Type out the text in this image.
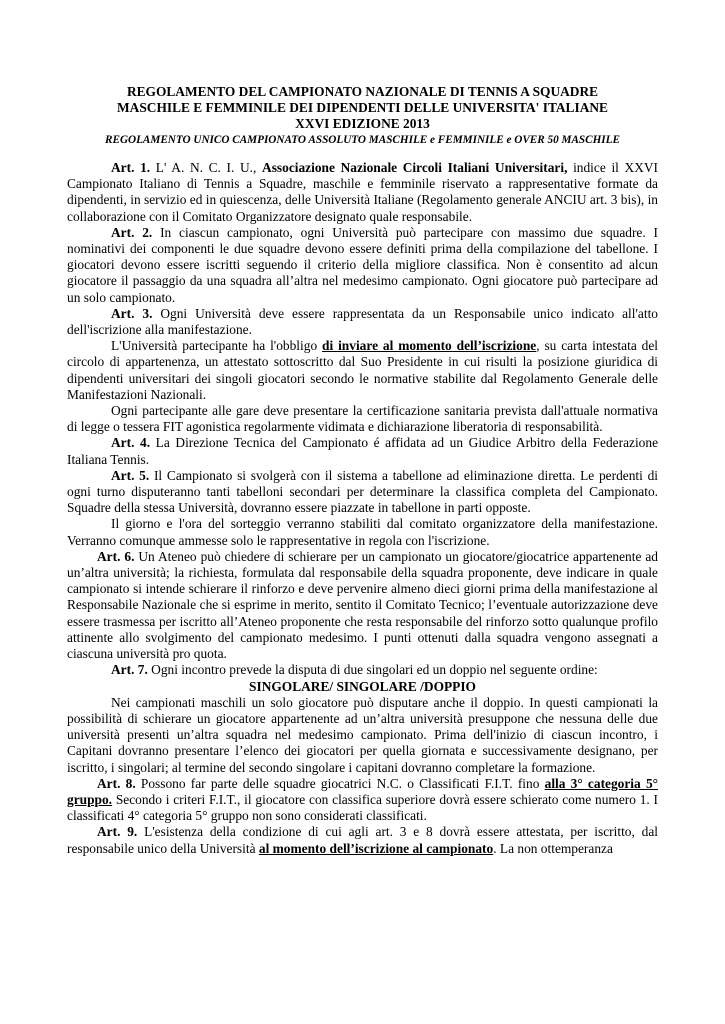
REGOLAMENTO DEL CAMPIONATO NAZIONALE DI TENNIS A SQUADRE
MASCHILE E FEMMINILE DEI DIPENDENTI DELLE UNIVERSITA' ITALIANE
XXVI EDIZIONE 2013
REGOLAMENTO UNICO CAMPIONATO ASSOLUTO MASCHILE e FEMMINILE e OVER 50 MASCHILE

Art. 1. L' A. N. C. I. U., Associazione Nazionale Circoli Italiani Universitari, indice il XXVI Campionato Italiano di Tennis a Squadre, maschile e femminile riservato a rappresentative formate da dipendenti, in servizio ed in quiescenza, delle Università Italiane (Regolamento generale ANCIU art. 3 bis), in collaborazione con il Comitato Organizzatore designato quale responsabile.

Art. 2. In ciascun campionato, ogni Università può partecipare con massimo due squadre. I nominativi dei componenti le due squadre devono essere definiti prima della compilazione del tabellone. I giocatori devono essere iscritti seguendo il criterio della migliore classifica. Non è consentito ad alcun giocatore il passaggio da una squadra all’altra nel medesimo campionato. Ogni giocatore può partecipare ad un solo campionato.

Art. 3. Ogni Università deve essere rappresentata da un Responsabile unico indicato all'atto dell'iscrizione alla manifestazione.

L'Università partecipante ha l'obbligo di inviare al momento dell’iscrizione, su carta intestata del circolo di appartenenza, un attestato sottoscritto dal Suo Presidente in cui risulti la posizione giuridica di dipendenti universitari dei singoli giocatori secondo le normative stabilite dal Regolamento Generale delle Manifestazioni Nazionali.

Ogni partecipante alle gare deve presentare la certificazione sanitaria prevista dall'attuale normativa di legge o tessera FIT agonistica regolarmente vidimata e dichiarazione liberatoria di responsabilità.

Art. 4. La Direzione Tecnica del Campionato é affidata ad un Giudice Arbitro della Federazione Italiana Tennis.

Art. 5. Il Campionato si svolgerà con il sistema a tabellone ad eliminazione diretta. Le perdenti di ogni turno disputeranno tanti tabelloni secondari per determinare la classifica completa del Campionato. Squadre della stessa Università, dovranno essere piazzate in tabellone in parti opposte.

Il giorno e l'ora del sorteggio verranno stabiliti dal comitato organizzatore della manifestazione. Verranno comunque ammesse solo le rappresentative in regola con l'iscrizione.

Art. 6. Un Ateneo può chiedere di schierare per un campionato un giocatore/giocatrice appartenente ad un’altra università; la richiesta, formulata dal responsabile della squadra proponente, deve indicare in quale campionato si intende schierare il rinforzo e deve pervenire almeno dieci giorni prima della manifestazione al Responsabile Nazionale che si esprime in merito, sentito il Comitato Tecnico; l’eventuale autorizzazione deve essere trasmessa per iscritto all’Ateneo proponente che resta responsabile del rinforzo sotto qualunque profilo attinente allo svolgimento del campionato medesimo. I punti ottenuti dalla squadra vengono assegnati a ciascuna università pro quota.

Art. 7. Ogni incontro prevede la disputa di due singolari ed un doppio nel seguente ordine:

SINGOLARE/ SINGOLARE /DOPPIO

Nei campionati maschili un solo giocatore può disputare anche il doppio. In questi campionati la possibilità di schierare un giocatore appartenente ad un’altra università presuppone che nessuna delle due università presenti un’altra squadra nel medesimo campionato. Prima dell'inizio di ciascun incontro, i Capitani dovranno presentare l’elenco dei giocatori per quella giornata e successivamente designano, per iscritto, i singolari; al termine del secondo singolare i capitani dovranno completare la formazione.

Art. 8. Possono far parte delle squadre giocatrici N.C. o Classificati F.I.T. fino alla 3° categoria 5° gruppo. Secondo i criteri F.I.T., il giocatore con classifica superiore dovrà essere schierato come numero 1. I classificati 4° categoria 5° gruppo non sono considerati classificati.

Art. 9. L'esistenza della condizione di cui agli art. 3 e 8 dovrà essere attestata, per iscritto, dal responsabile unico della Università al momento dell’iscrizione al campionato. La non ottemperanza
